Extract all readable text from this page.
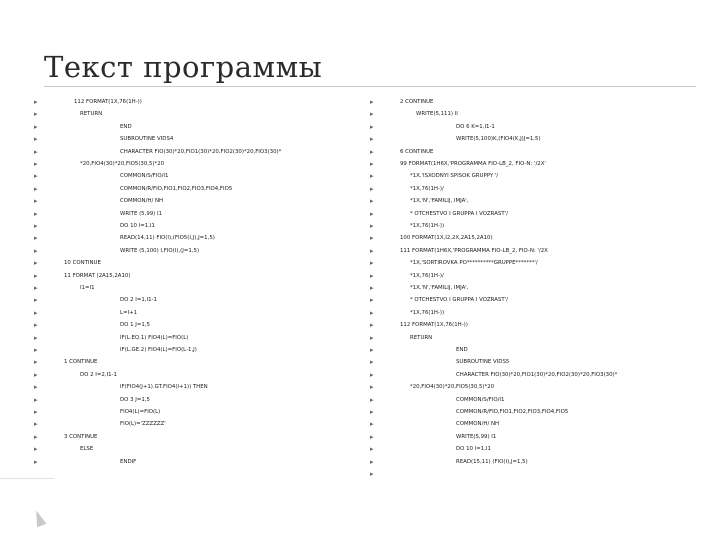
Текст программы
▸	112 FORMAT(1X,76(1H-))
▸	RETURN
▸	END
▸	SUBROUTINE VIDS4
▸	CHARACTER FIO(30)*20,FIO1(30)*20,FIO2(30)*20,FIO3(30)*
▸	*20,FIO4(30)*20,FIO5(30,5)*20
▸	COMMON/S/FIO/I1
▸	COMMON/R/FIO,FIO1,FIO2,FIO3,FIO4,FIO5
▸	COMMON/H/ NH
▸	WRITE (5,99) I1
▸	DO 10 I=1,I1
▸	READ(14,11) FIO(I),(FIO5(I,J),J=1,5)
▸	WRITE (5,100) I,FIO(I),(J=1,5)
▸	10 CONTINUE
▸	11 FORMAT (2A15,2A10)
▸	I1=I1
▸	DO 2 I=1,I1-1
▸	L=I+1
▸	DO 1 J=1,5
▸	IF(L.EQ.1) FIO4(L)=FIO(L)
▸	IF(L.GE.2) FIO4(L)=FIO(L-1,J)
▸	1 CONTINUE
▸	DO 2 I=2,I1-1
▸	IF(FIO4(J+1).GT.FIO4(I+1)) THEN
▸	DO 3 J=1,5
▸	FIO4(L)=FIO(L)
▸	FIO(L)='ZZZZZZ'
▸	3 CONTINUE
▸	ELSE
▸	ENDIF
▸	2 CONTINUE
▸	WRITE(5,111) II
▸	DO 6 K=1,I1-1
▸	WRITE(5,100)K,(FIO4(K,J)J=1,5)
▸	6 CONTINUE
▸	99 FORMAT(1H6X,'PROGRAMMA FIO-LB_2, FIO-N: '/2X'
▸	*1X,'ISXODNYI SPISOK GRUPPY '/
▸	*1X,76(1H-)/
▸	*1X,'N','FAMILIJ, IMJA',
▸	* OTCHESTVO I GRUPPA I VOZRAST'/
▸	*1X,76(1H-))
▸	100 FORMAT(1X,I2,2X,2A15,2A10)
▸	111 FORMAT(1H6X,'PROGRAMMA FIO-LB_2, FIO-N: '/2X
▸	*1X,'SORTIROVKA PO**********GRUPPE*******'/
▸	*1X,76(1H-)/
▸	*1X,'N','FAMILIJ, IMJA',
▸	* OTCHESTVO I GRUPPA I VOZRAST'/
▸	*1X,76(1H-))
▸	112 FORMAT(1X,76(1H-))
▸	RETURN
▸	END
▸	SUBROUTINE VIDS5
▸	CHARACTER FIO(30)*20,FIO1(30)*20,FIO2(30)*20,FIO3(30)*
▸	*20,FIO4(30)*20,FIO5(30,5)*20
▸	COMMON/S/FIO/I1
▸	COMMON/R/FIO,FIO1,FIO2,FIO3,FIO4,FIO5
▸	COMMON/H/ NH
▸	WRITE(5,99) I1
▸	DO 10 I=1,I1
▸	READ(15,11) (FIO(I),J=1,5)
▸
